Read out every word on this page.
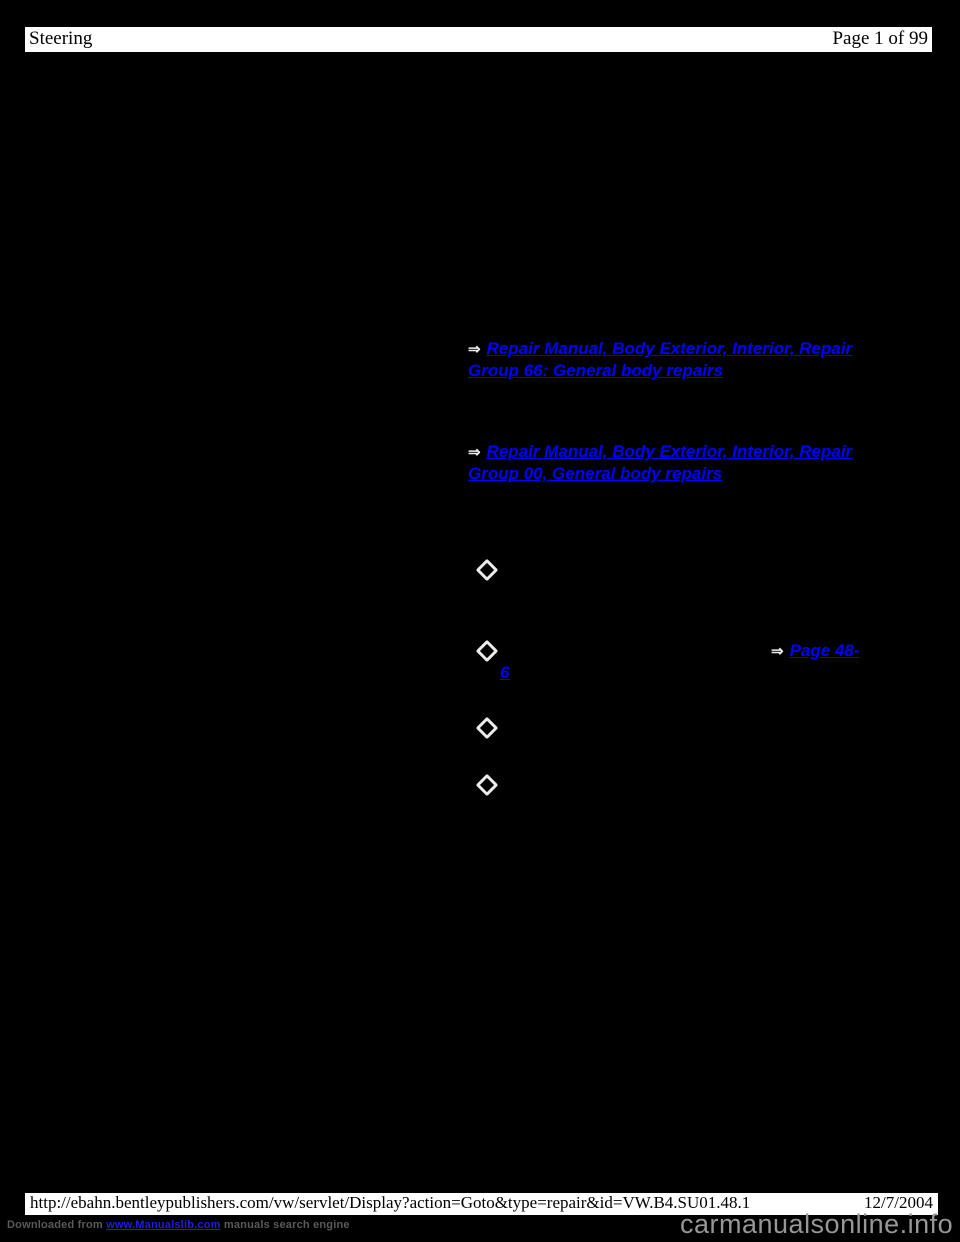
Steering	Page 1 of 99
⇒Repair Manual, Body Exterior, Interior, Repair
Group 66: General body repairs
⇒Repair Manual, Body Exterior, Interior, Repair
Group 00, General body repairs
⇒Page 48-
6
http://ebahn.bentleypublishers.com/vw/servlet/Display?action=Goto&type=repair&id=VW.B4.SU01.48.1	12/7/2004
Downloaded from www.Manualslib.com manuals search engine	carmanualsonline.info
